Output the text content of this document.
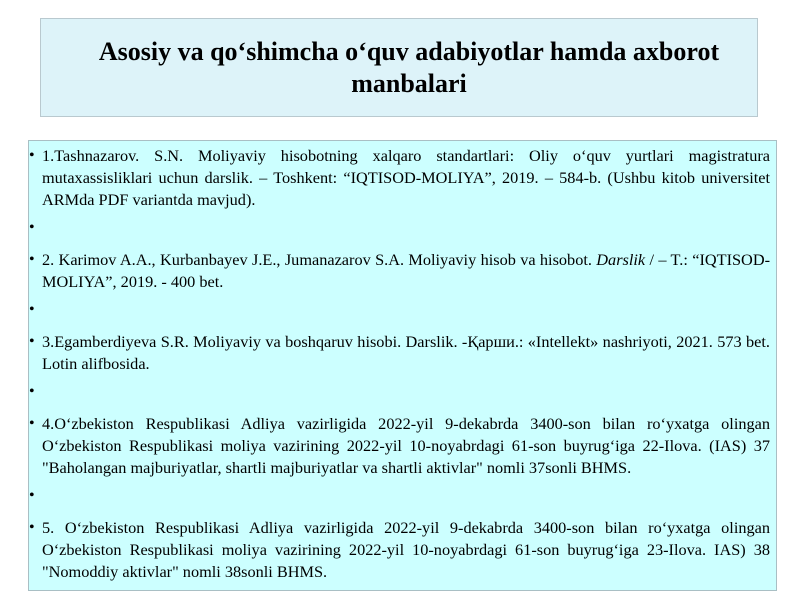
Asosiy va qo‘shimcha o‘quv adabiyotlar hamda axborot manbalari
• 1.Tashnazarov. S.N. Moliyaviy hisobotning xalqaro standartlari: Oliy o‘quv yurtlari magistratura mutaxassisliklari uchun darslik. – Toshkent: “IQTISOD-MOLIYA”, 2019. – 584-b. (Ushbu kitob universitet ARMda PDF variantda mavjud).
•
• 2. Karimov A.A., Kurbanbayev J.E., Jumanazarov S.A. Moliyaviy hisob va hisobot. Darslik / – T.: “IQTISOD-MOLIYA”, 2019. - 400 bet.
•
• 3.Egamberdiyeva S.R. Moliyaviy va boshqaruv hisobi. Darslik. -Қарши.: «Intellekt» nashriyoti, 2021. 573 bet. Lotin alifbosida.
•
• 4.O‘zbekiston Respublikasi Adliya vazirligida 2022-yil 9-dekabrda 3400-son bilan ro‘yxatga olingan O‘zbekiston Respublikasi moliya vazirining 2022-yil 10-noyabrdagi 61-son buyrug‘iga 22-Ilova. (IAS) 37 "Baholangan majburiyatlar, shartli majburiyatlar va shartli aktivlar" nomli 37sonli BHMS.
•
• 5. O‘zbekiston Respublikasi Adliya vazirligida 2022-yil 9-dekabrda 3400-son bilan ro‘yxatga olingan O‘zbekiston Respublikasi moliya vazirining 2022-yil 10-noyabrdagi 61-son buyrug‘iga 23-Ilova. IAS) 38 "Nomoddiy aktivlar" nomli 38sonli BHMS.
